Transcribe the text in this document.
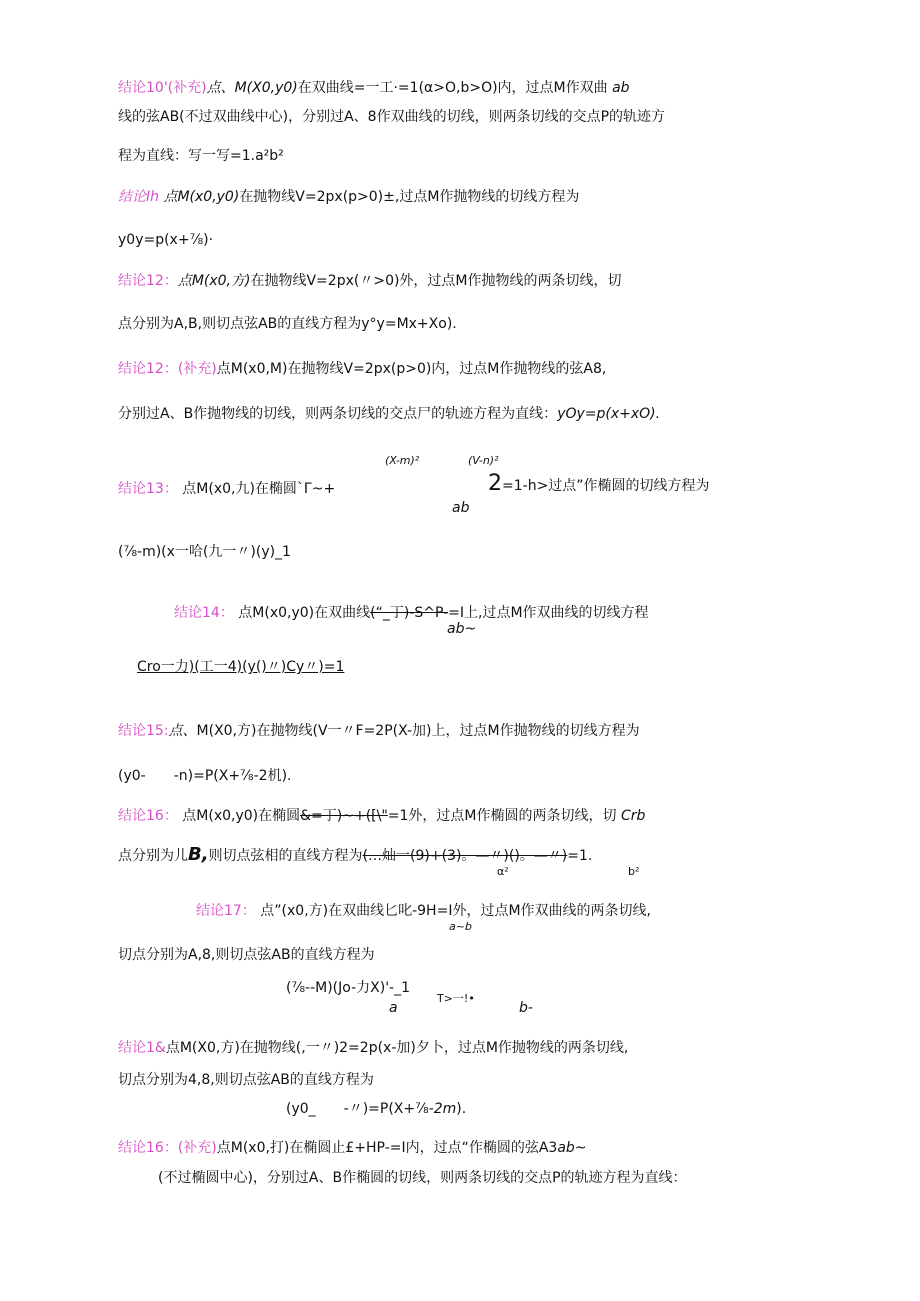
结论10'(补充)点、M(X0,y0)在双曲线=一工·=1(α>O,b>O)内，过点M作双曲 ab
线的弦AB(不过双曲线中心)，分别过A、8作双曲线的切线，则两条切线的交点P的轨迹方
程为直线：写一写=1.a²b²
结论Ih 点M(x0,y0)在抛物线V=2px(p>0)±,过点M作抛物线的切线方程为
y0y=p(x+⅞)·
结论12：点M(x0,方)在抛物线V=2px(〃>0)外，过点M作抛物线的两条切线，切
点分别为A,B,则切点弦AB的直线方程为y°y=Mx+Xo).
结论12：(补充)点M(x0,M)在抛物线V=2px(p>0)内，过点M作抛物线的弦A8,
分别过A、B作抛物线的切线，则两条切线的交点尸的轨迹方程为直线：yOy=p(x+xO).
(X-m)²	(V-n)²
结论13： 点M(x0,九)在椭圆`Γ~+	2=1-h>过点”作椭圆的切线方程为
ab
(⅞-m)(x一哈(九一〃)(y)_1
结论14： 点M(x0,y0)在双曲线(“_丁)-S^P-=I上,过点M作双曲线的切线方程
ab~
Cro一力)(工一4)(y()〃)Cy〃)=1
结论15:点、M(X0,方)在抛物线(V一〃F=2P(X-加)上，过点M作抛物线的切线方程为
(y0-　　-n)=P(X+⅞-2机).
结论16： 点M(x0,y0)在椭圆&=丁)~+([\"=1外，过点M作椭圆的两条切线，切 Crb
点分别为儿B,则切点弦相的直线方程为(…灿一(9)+(3)。—〃)()。—〃)=1.
α²	b²
结论17： 点”(x0,方)在双曲线匕叱-9H=I外，过点M作双曲线的两条切线,
a~b
切点分别为A,8,则切点弦AB的直线方程为
(⅞--M)(Jo-力X)'-_1
T>一!•
a	b-
结论1&点M(X0,方)在抛物线(,一〃)2=2p(x-加)夕卜，过点M作抛物线的两条切线,
切点分别为4,8,则切点弦AB的直线方程为
(y0_　　-〃)=P(X+⅞-2m).
结论16：(补充)点M(x0,打)在椭圆止£+HP-=I内，过点“作椭圆的弦A3ab~
(不过椭圆中心)，分别过A、B作椭圆的切线，则两条切线的交点P的轨迹方程为直线：
